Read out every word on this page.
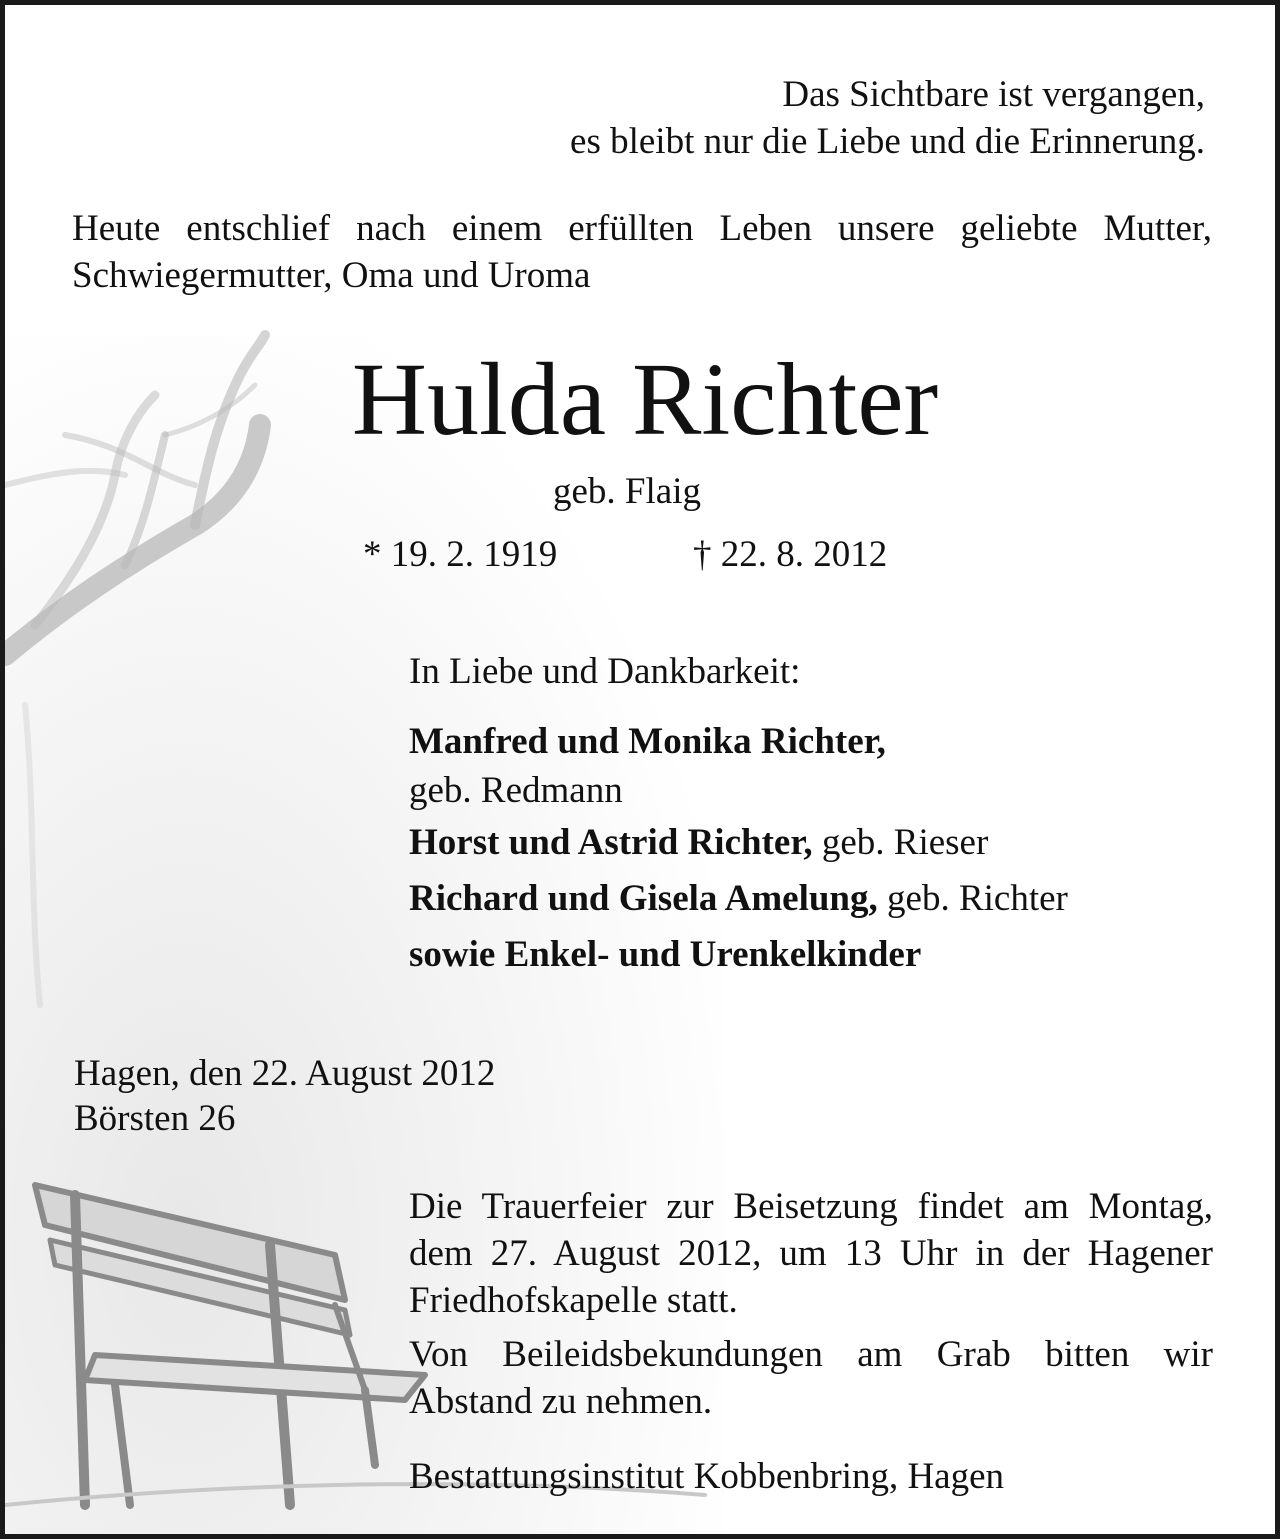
Das Sichtbare ist vergangen,

es bleibt nur die Liebe und die Erinnerung.

Heute entschlief nach einem erfüllten Leben unsere geliebte Mutter, Schwiegermutter, Oma und Uroma

Hulda Richter

geb. Flaig

* 19. 2. 1919	† 22. 8. 2012

In Liebe und Dankbarkeit:

Manfred und Monika Richter,

geb. Redmann

Horst und Astrid Richter, geb. Rieser

Richard und Gisela Amelung, geb. Richter

sowie Enkel- und Urenkelkinder

Hagen, den 22. August 2012

Börsten 26

Die Trauerfeier zur Beisetzung findet am Montag, dem 27. August 2012, um 13 Uhr in der Hagener Friedhofskapelle statt.

Von Beileidsbekundungen am Grab bitten wir Abstand zu nehmen.

Bestattungsinstitut Kobbenbring, Hagen
